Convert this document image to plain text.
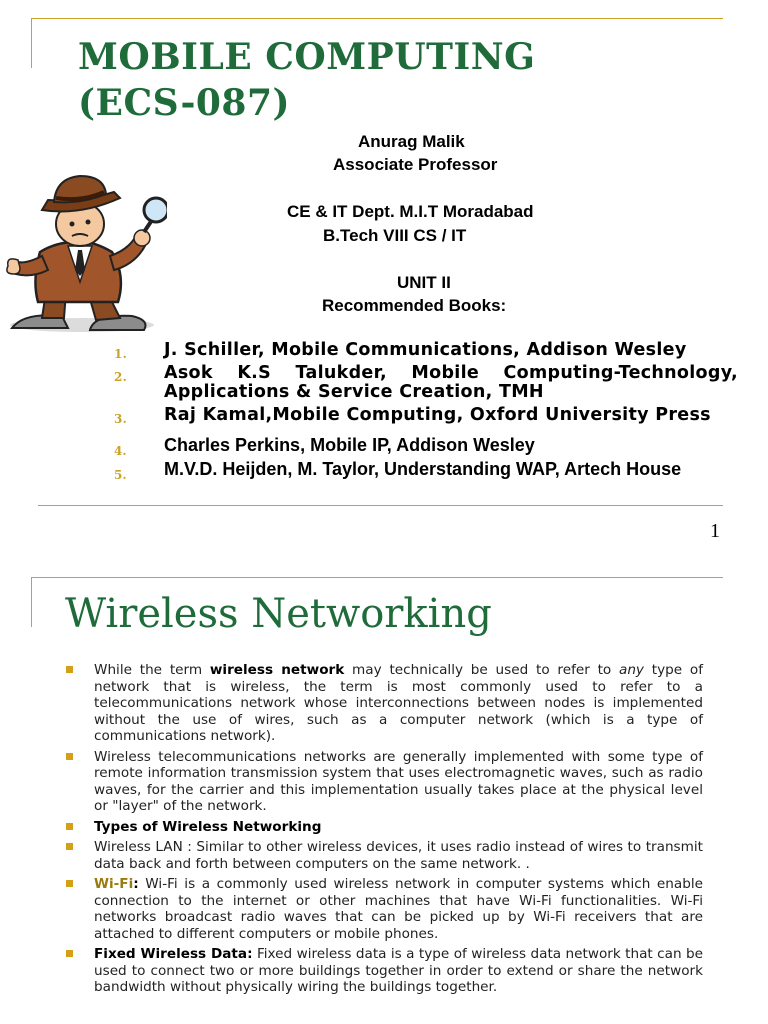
MOBILE COMPUTING
(ECS-087)
Anurag Malik
Associate Professor
CE & IT Dept. M.I.T Moradabad
B.Tech VIII CS / IT
UNIT II
Recommended Books:
1. J. Schiller, Mobile Communications, Addison Wesley
2. Asok K.S Talukder, Mobile Computing-Technology, Applications & Service Creation, TMH
3. Raj Kamal,Mobile Computing, Oxford University Press
4. Charles Perkins, Mobile IP, Addison Wesley
5. M.V.D. Heijden, M. Taylor, Understanding WAP, Artech House
1
Wireless Networking
While the term wireless network may technically be used to refer to any type of network that is wireless, the term is most commonly used to refer to a telecommunications network whose interconnections between nodes is implemented without the use of wires, such as a computer network (which is a type of communications network).
Wireless telecommunications networks are generally implemented with some type of remote information transmission system that uses electromagnetic waves, such as radio waves, for the carrier and this implementation usually takes place at the physical level or "layer" of the network.
Types of Wireless Networking
Wireless LAN : Similar to other wireless devices, it uses radio instead of wires to transmit data back and forth between computers on the same network. .
Wi-Fi: Wi-Fi is a commonly used wireless network in computer systems which enable connection to the internet or other machines that have Wi-Fi functionalities. Wi-Fi networks broadcast radio waves that can be picked up by Wi-Fi receivers that are attached to different computers or mobile phones.
Fixed Wireless Data: Fixed wireless data is a type of wireless data network that can be used to connect two or more buildings together in order to extend or share the network bandwidth without physically wiring the buildings together.
